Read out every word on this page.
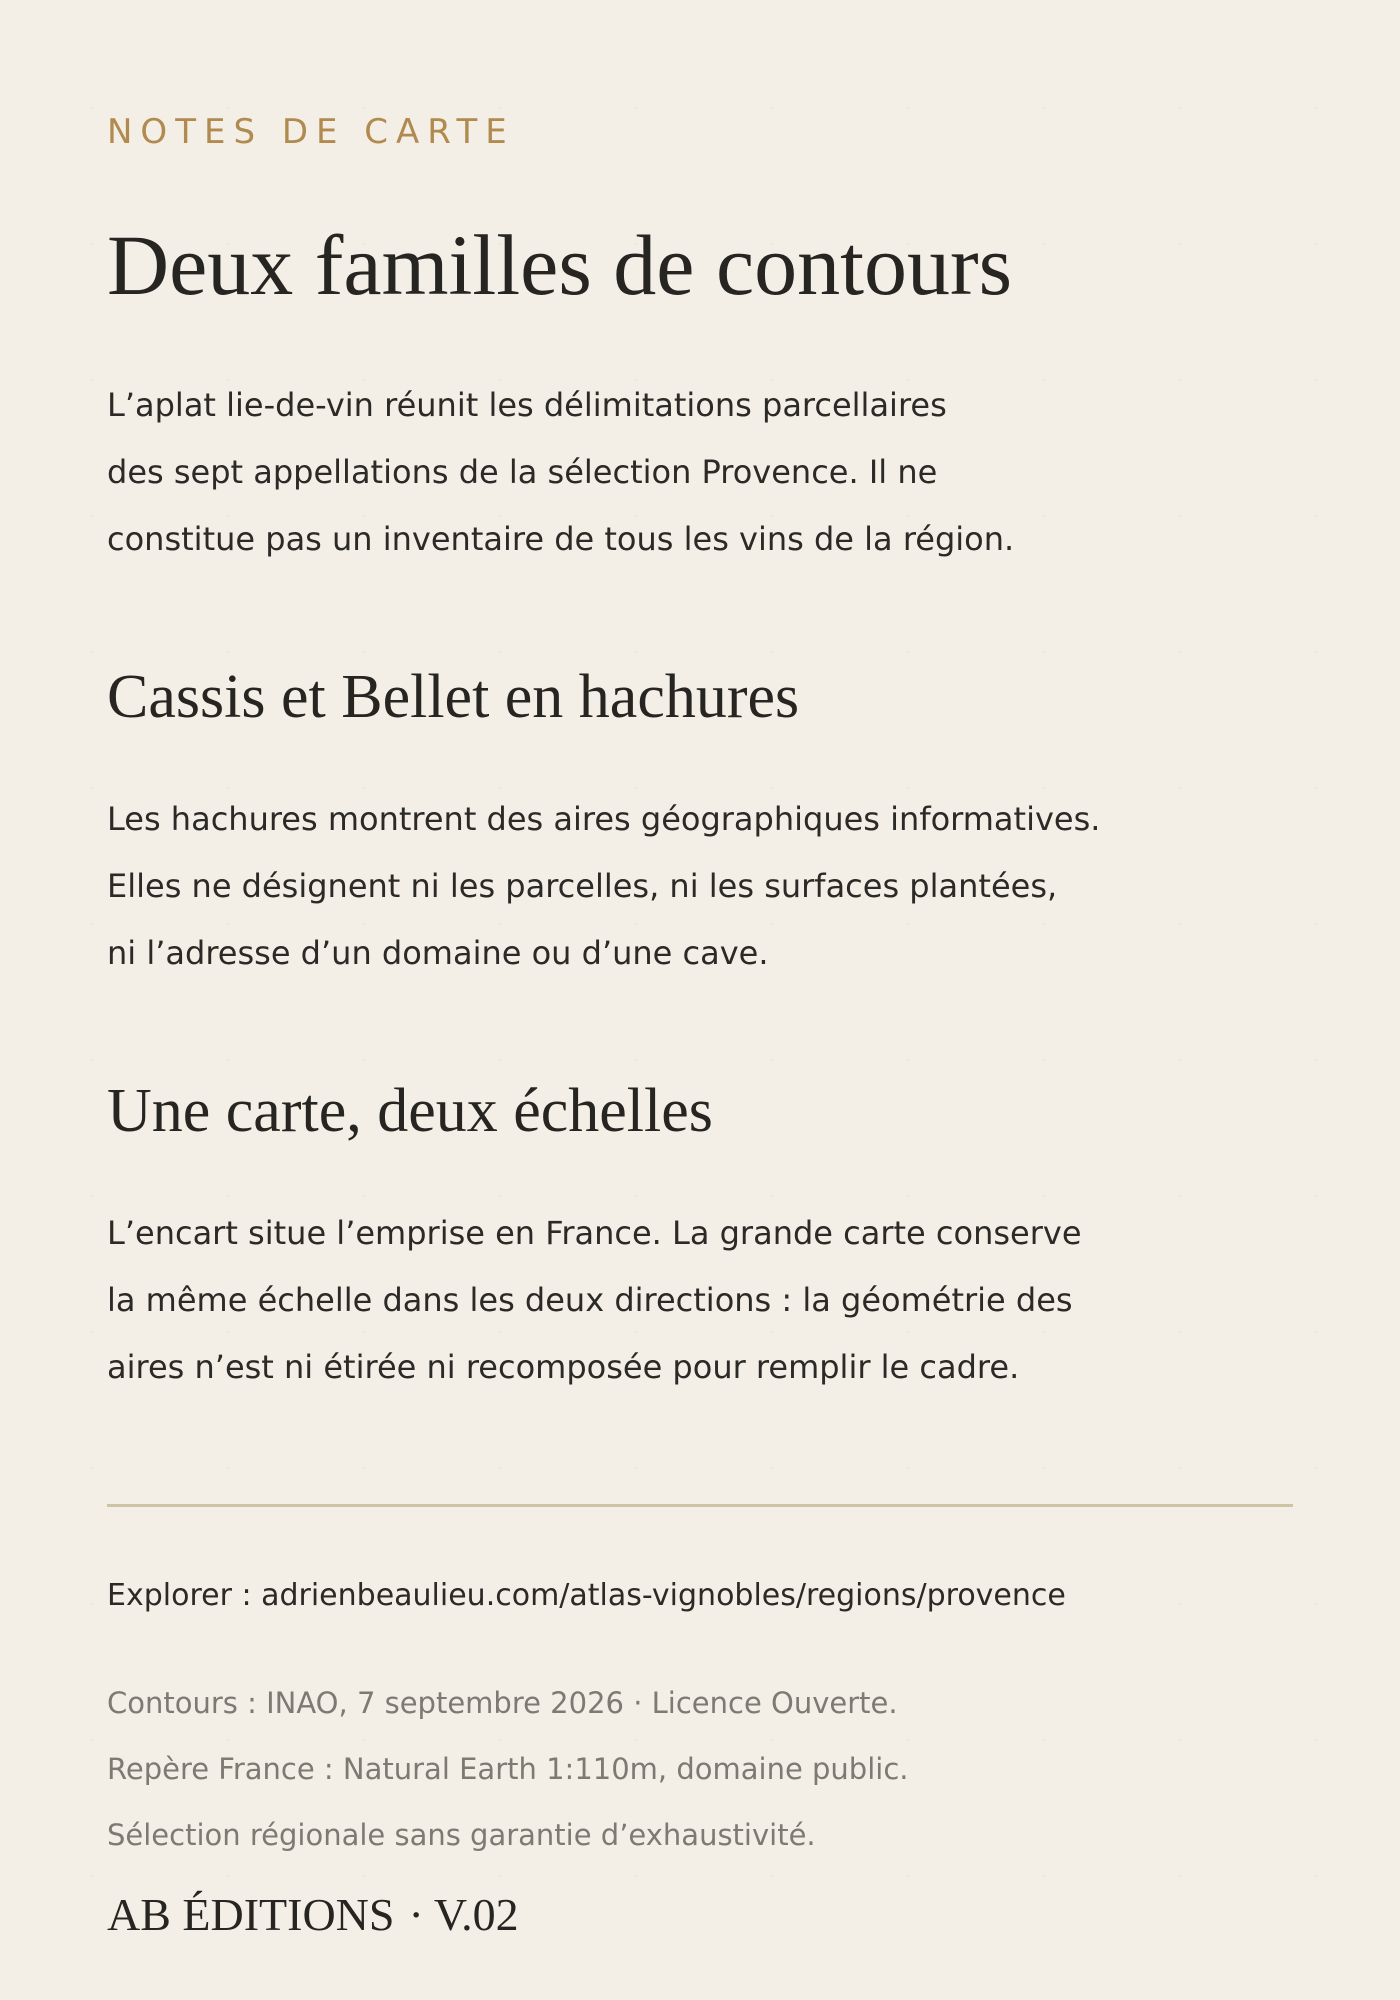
NOTES DE CARTE

Deux familles de contours

L’aplat lie-de-vin réunit les délimitations parcellaires
des sept appellations de la sélection Provence. Il ne
constitue pas un inventaire de tous les vins de la région.

Cassis et Bellet en hachures

Les hachures montrent des aires géographiques informatives.
Elles ne désignent ni les parcelles, ni les surfaces plantées,
ni l’adresse d’un domaine ou d’une cave.

Une carte, deux échelles

L’encart situe l’emprise en France. La grande carte conserve
la même échelle dans les deux directions : la géométrie des
aires n’est ni étirée ni recomposée pour remplir le cadre.

Explorer : adrienbeaulieu.com/atlas-vignobles/regions/provence

Contours : INAO, 7 septembre 2026 · Licence Ouverte.
Repère France : Natural Earth 1:110m, domaine public.
Sélection régionale sans garantie d’exhaustivité.

AB ÉDITIONS · V.02
